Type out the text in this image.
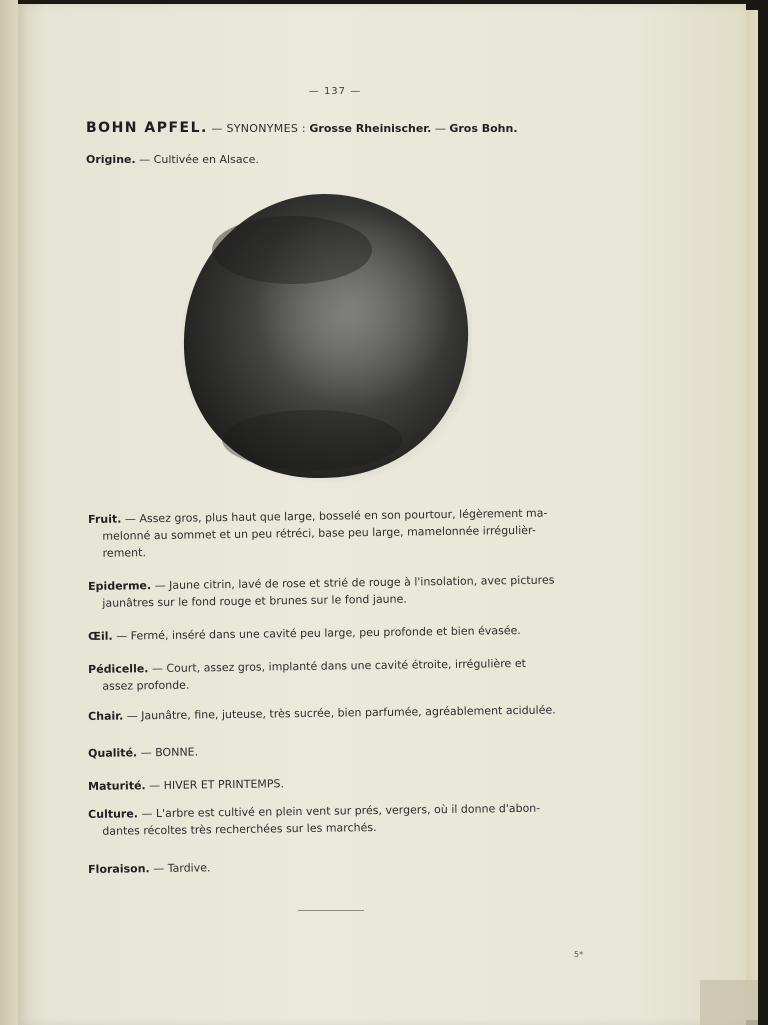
— 137 —
BOHN APFEL. — SYNONYMES : Grosse Rheinischer. — Gros Bohn.
Origine. — Cultivée en Alsace.
Fruit. — Assez gros, plus haut que large, bosselé en son pourtour, légèrement ma-
melonné au sommet et un peu rétréci, base peu large, mamelonnée irrégulièr-
rement.
Epiderme. — Jaune citrin, lavé de rose et strié de rouge à l'insolation, avec pictures
jaunâtres sur le fond rouge et brunes sur le fond jaune.
Œil. — Fermé, inséré dans une cavité peu large, peu profonde et bien évasée.
Pédicelle. — Court, assez gros, implanté dans une cavité étroite, irrégulière et
assez profonde.
Chair. — Jaunâtre, fine, juteuse, très sucrée, bien parfumée, agréablement acidulée.
Qualité. — BONNE.
Maturité. — HIVER ET PRINTEMPS.
Culture. — L'arbre est cultivé en plein vent sur prés, vergers, où il donne d'abon-
dantes récoltes très recherchées sur les marchés.
Floraison. — Tardive.
5*
